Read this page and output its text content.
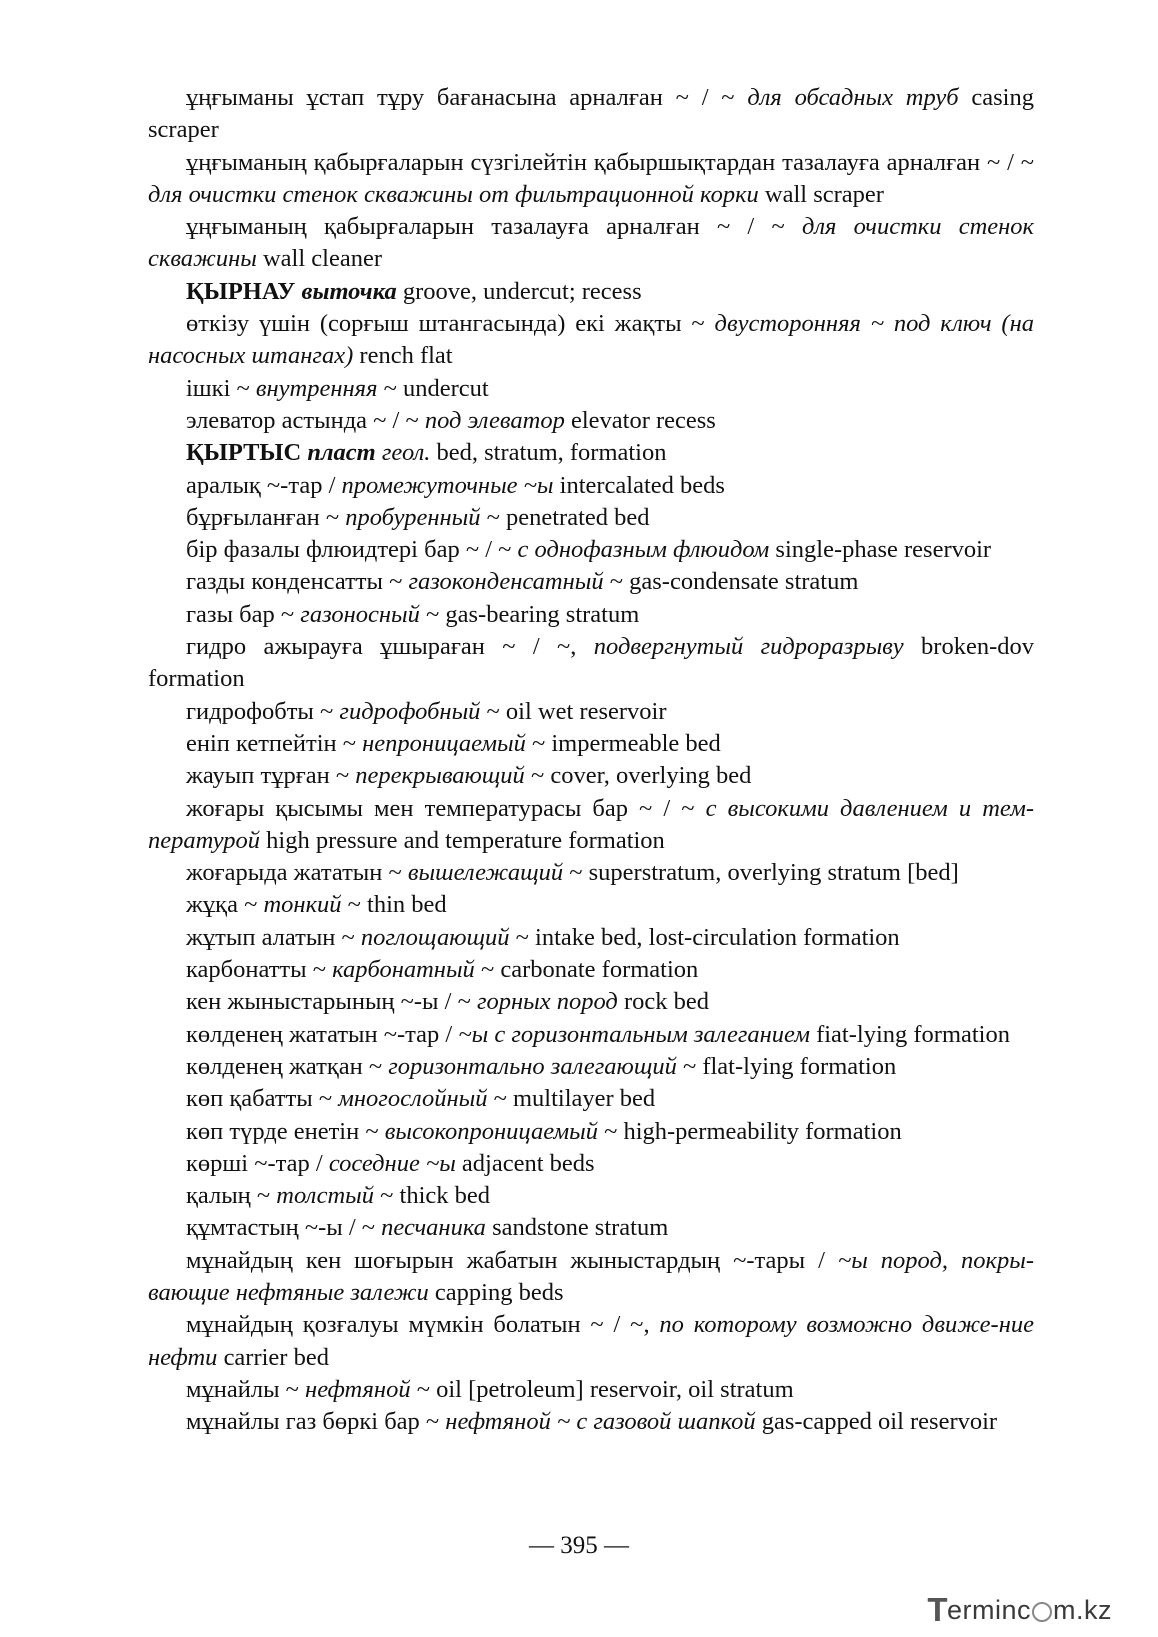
ұңғыманы ұстап тұру бағанасына арналған ~ / ~ для обсадных труб casing scraper

ұңғыманың қабырғаларын сүзгілейтін қабыршықтардан тазалауға арналған ~ / ~ для очистки стенок скважины от фильтрационной корки wall scraper

ұңғыманың қабырғаларын тазалауға арналған ~ / ~ для очистки стенок скважины wall cleaner

ҚЫРНАУ выточка groove, undercut; recess

өткізу үшін (сорғыш штангасында) екі жақты ~ двусторонняя ~ под ключ (на насосных штангах) rench flat

ішкі ~ внутренняя ~ undercut

элеватор астында ~ / ~ под элеватор elevator recess

ҚЫРТЫС пласт геол. bed, stratum, formation

аралық ~-тар / промежуточные ~ы intercalated beds

бұрғыланған ~ пробуренный ~ penetrated bed

бір фазалы флюидтері бар ~ / ~ с однофазным флюидом single-phase reservoir

газды конденсатты ~ газоконденсатный ~ gas-condensate stratum

газы бар ~ газоносный ~ gas-bearing stratum

гидро ажырауға ұшыраған ~ / ~, подвергнутый гидроразрыву broken-dov formation

гидрофобты ~ гидрофобный ~ oil wet reservoir

еніп кетпейтін ~ непроницаемый ~ impermeable bed

жауып тұрған ~ перекрывающий ~ cover, overlying bed

жоғары қысымы мен температурасы бар ~ / ~ с высокими давлением и тем-пературой high pressure and temperature formation

жоғарыда жататын ~ вышележащий ~ superstratum, overlying stratum [bed]

жұқа ~ тонкий ~ thin bed

жұтып алатын ~ поглощающий ~ intake bed, lost-circulation formation

карбонатты ~ карбонатный ~ carbonate formation

кен жыныстарының ~-ы / ~ горных пород rock bed

көлденең жататын ~-тар / ~ы с горизонтальным залеганием fiat-lying formation

көлденең жатқан ~ горизонтально залегающий ~ flat-lying formation

көп қабатты ~ многослойный ~ multilayer bed

көп түрде енетін ~ высокопроницаемый ~ high-permeability formation

көрші ~-тар / соседние ~ы adjacent beds

қалың ~ толстый ~ thick bed

құмтастың ~-ы / ~ песчаника sandstone stratum

мұнайдың кен шоғырын жабатын жыныстардың ~-тары / ~ы пород, покры-вающие нефтяные залежи capping beds

мұнайдың қозғалуы мүмкін болатын ~ / ~, по которому возможно движе-ние нефти carrier bed

мұнайлы ~ нефтяной ~ oil [petroleum] reservoir, oil stratum

мұнайлы газ бөркі бар ~ нефтяной ~ с газовой шапкой gas-capped oil reservoir

— 395 —
T erminc m.kz
